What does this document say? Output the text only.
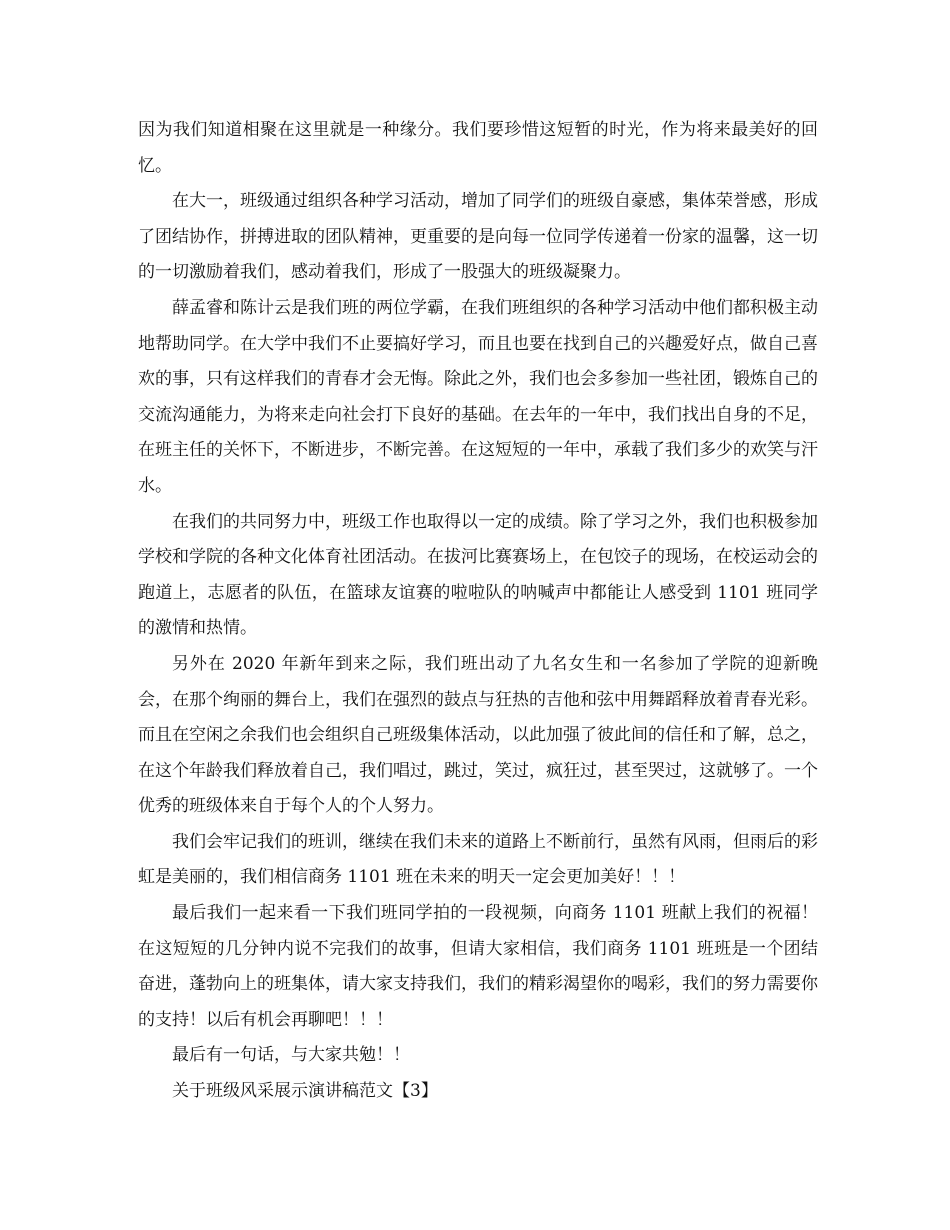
因为我们知道相聚在这里就是一种缘分。我们要珍惜这短暂的时光，作为将来最美好的回忆。

在大一，班级通过组织各种学习活动，增加了同学们的班级自豪感，集体荣誉感，形成了团结协作，拼搏进取的团队精神，更重要的是向每一位同学传递着一份家的温馨，这一切的一切激励着我们，感动着我们，形成了一股强大的班级凝聚力。

薛孟睿和陈计云是我们班的两位学霸，在我们班组织的各种学习活动中他们都积极主动地帮助同学。在大学中我们不止要搞好学习，而且也要在找到自己的兴趣爱好点，做自己喜欢的事，只有这样我们的青春才会无悔。除此之外，我们也会多参加一些社团，锻炼自己的交流沟通能力，为将来走向社会打下良好的基础。在去年的一年中，我们找出自身的不足，在班主任的关怀下，不断进步，不断完善。在这短短的一年中，承载了我们多少的欢笑与汗水。

在我们的共同努力中，班级工作也取得以一定的成绩。除了学习之外，我们也积极参加学校和学院的各种文化体育社团活动。在拔河比赛赛场上，在包饺子的现场，在校运动会的跑道上，志愿者的队伍，在篮球友谊赛的啦啦队的呐喊声中都能让人感受到 1101 班同学的激情和热情。

另外在 2020 年新年到来之际，我们班出动了九名女生和一名参加了学院的迎新晚会，在那个绚丽的舞台上，我们在强烈的鼓点与狂热的吉他和弦中用舞蹈释放着青春光彩。而且在空闲之余我们也会组织自己班级集体活动，以此加强了彼此间的信任和了解，总之，在这个年龄我们释放着自己，我们唱过，跳过，笑过，疯狂过，甚至哭过，这就够了。一个优秀的班级体来自于每个人的个人努力。

我们会牢记我们的班训，继续在我们未来的道路上不断前行，虽然有风雨，但雨后的彩虹是美丽的，我们相信商务 1101 班在未来的明天一定会更加美好！！！

最后我们一起来看一下我们班同学拍的一段视频，向商务 1101 班献上我们的祝福！在这短短的几分钟内说不完我们的故事，但请大家相信，我们商务 1101 班班是一个团结奋进，蓬勃向上的班集体，请大家支持我们，我们的精彩渴望你的喝彩，我们的努力需要你的支持！以后有机会再聊吧！！！

最后有一句话，与大家共勉！！

关于班级风采展示演讲稿范文【3】
